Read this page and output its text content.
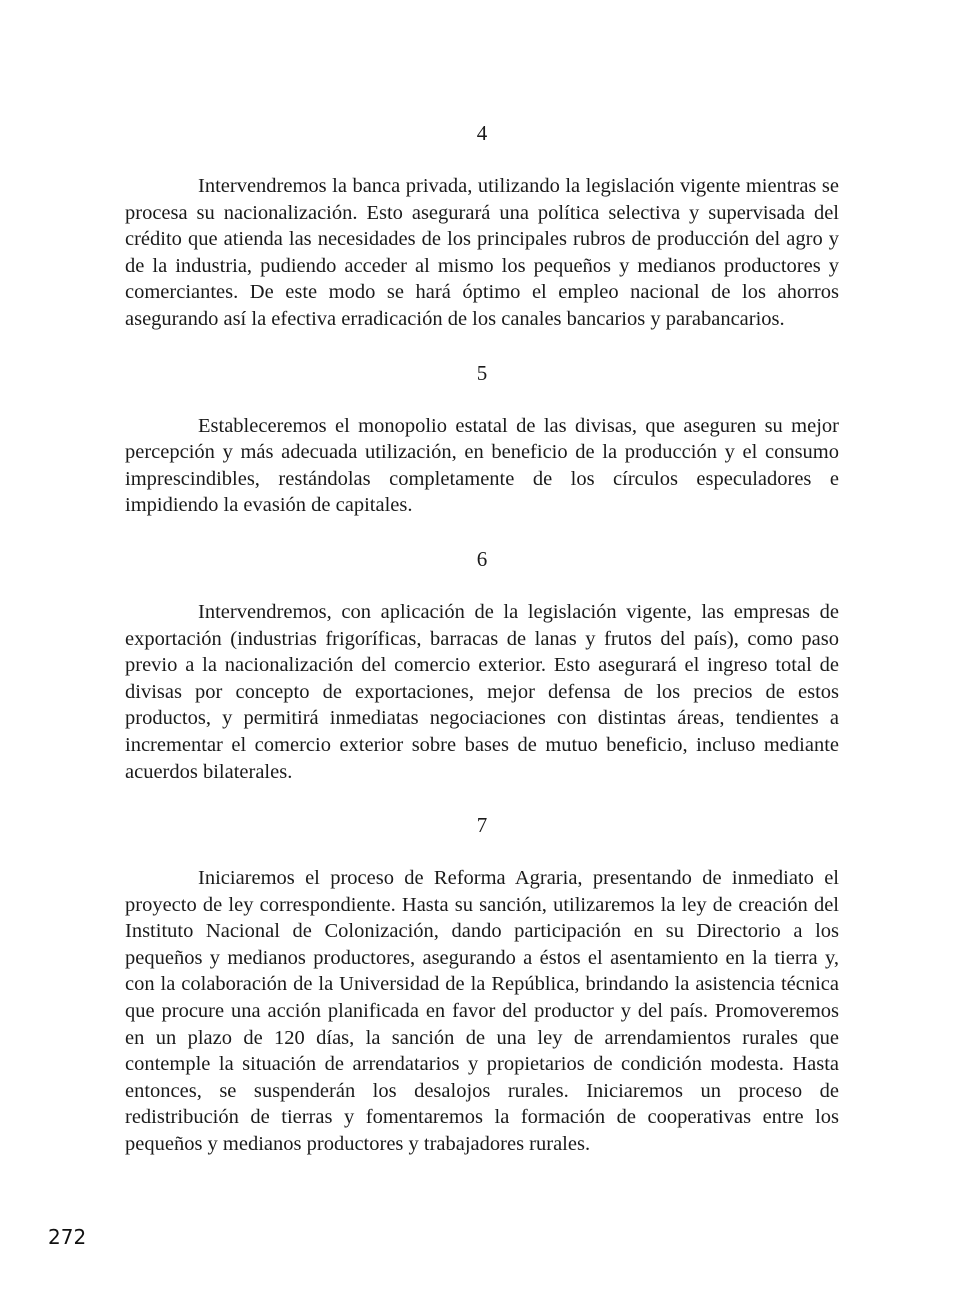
4

Intervendremos la banca privada, utilizando la legislación vigente mientras se procesa su nacionalización. Esto asegurará una política selectiva y supervisada del crédito que atienda las necesidades de los principales rubros de producción del agro y de la industria, pudiendo acceder al mismo los pequeños y medianos productores y comerciantes. De este modo se hará óptimo el empleo nacional de los ahorros asegurando así la efectiva erradicación de los canales bancarios y parabancarios.

5

Estableceremos el monopolio estatal de las divisas, que aseguren su mejor percepción y más adecuada utilización, en beneficio de la producción y el consumo imprescindibles, restándolas completamente de los círculos especuladores e impidiendo la evasión de capitales.

6

Intervendremos, con aplicación de la legislación vigente, las empresas de exportación (industrias frigoríficas, barracas de lanas y frutos del país), como paso previo a la nacionalización del comercio exterior. Esto asegurará el ingreso total de divisas por concepto de exportaciones, mejor defensa de los precios de estos productos, y permitirá inmediatas negociaciones con distintas áreas, tendientes a incrementar el comercio exterior sobre bases de mutuo beneficio, incluso mediante acuerdos bilaterales.

7

Iniciaremos el proceso de Reforma Agraria, presentando de inmediato el proyecto de ley correspondiente. Hasta su sanción, utilizaremos la ley de creación del Instituto Nacional de Colonización, dando participación en su Directorio a los pequeños y medianos productores, asegurando a éstos el asentamiento en la tierra y, con la colaboración de la Universidad de la República, brindando la asistencia técnica que procure una acción planificada en favor del productor y del país. Promoveremos en un plazo de 120 días, la sanción de una ley de arrendamientos rurales que contemple la situación de arrendatarios y propietarios de condición modesta. Hasta entonces, se suspenderán los desalojos rurales. Iniciaremos un proceso de redistribución de tierras y fomentaremos la formación de cooperativas entre los pequeños y medianos productores y trabajadores rurales.

272
